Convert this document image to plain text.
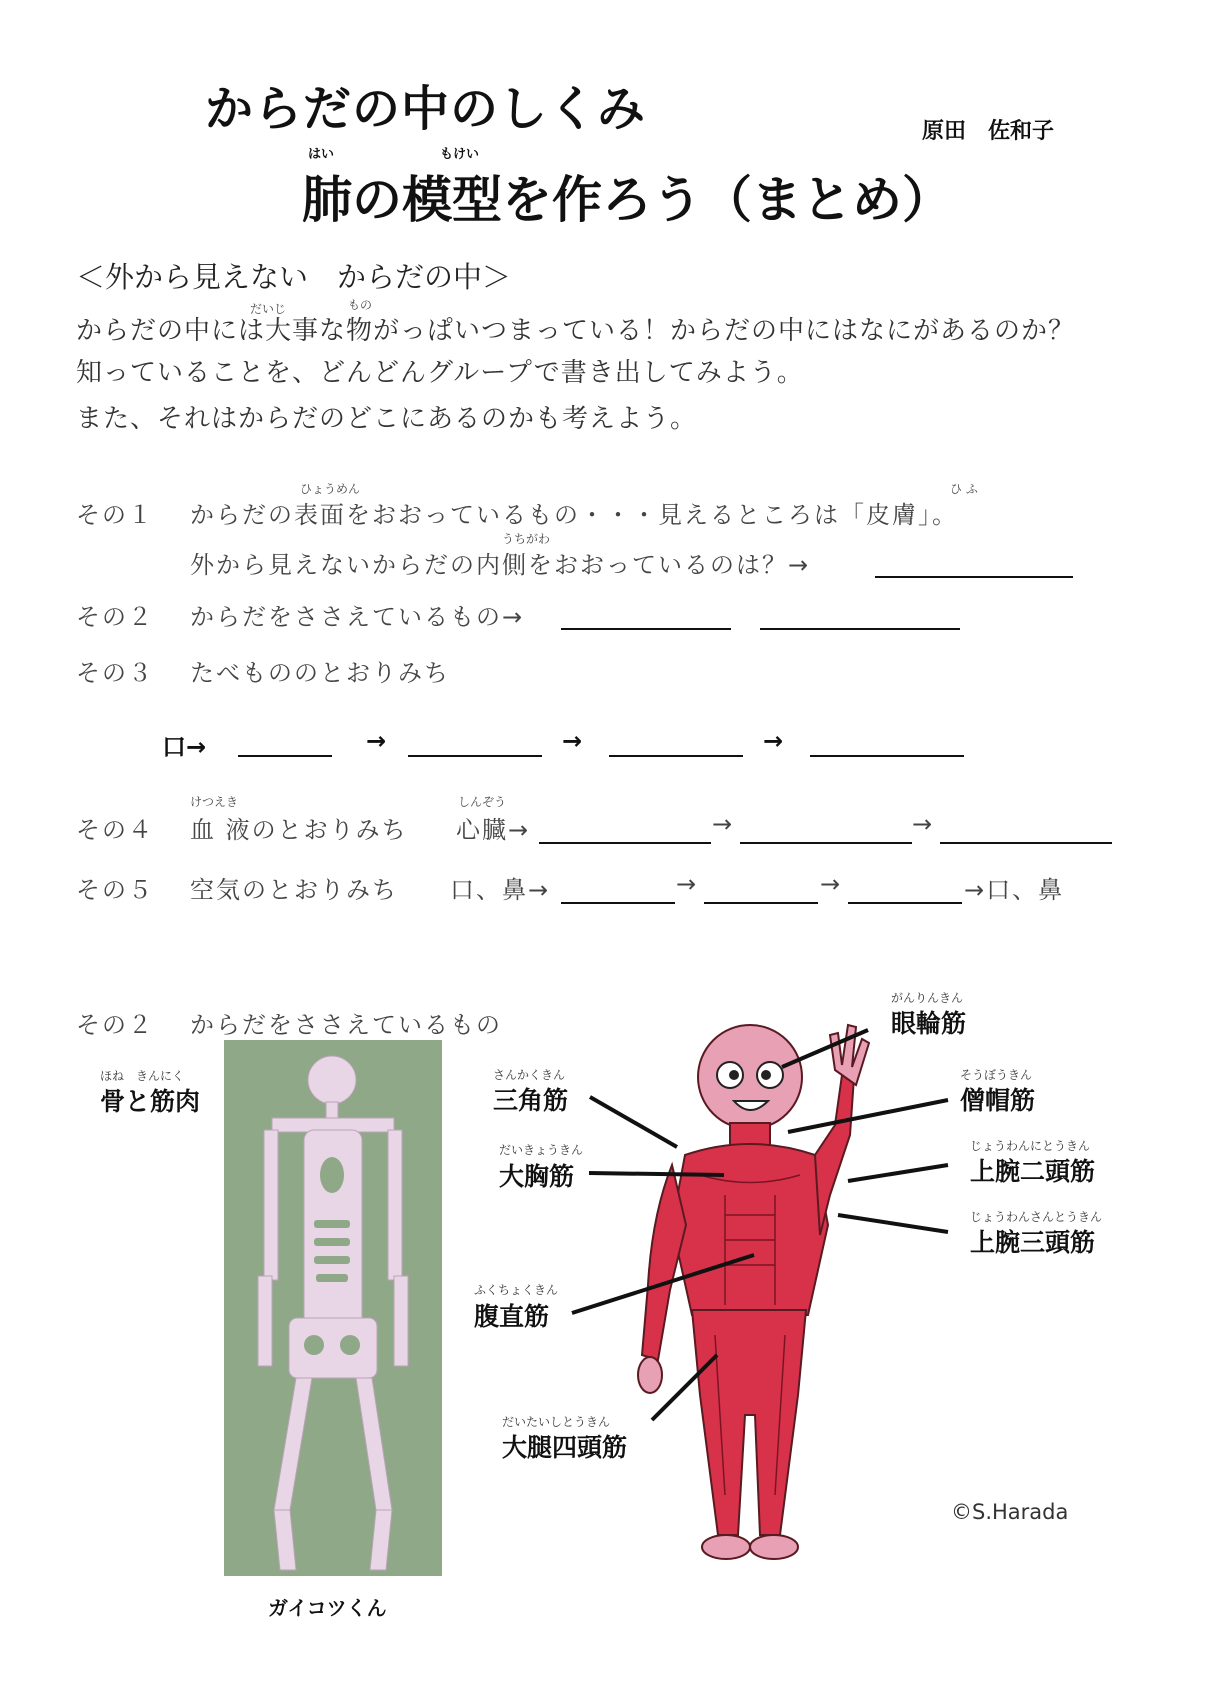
からだの中のしくみ
はい	もけい
肺の模型を作ろう（まとめ）
原田　佐和子
＜外から見えない　からだの中＞
だいじ	もの
からだの中には大事な物がっぱいつまっている！からだの中にはなにがあるのか？
知っていることを、どんどんグループで書き出してみよう。
また、それはからだのどこにあるのかも考えよう。
その１
ひょうめん	ひ ふ
からだの表面をおおっているもの・・・見えるところは「皮膚」。
うちがわ
外から見えないからだの内側をおおっているのは？→
その２ からだをささえているもの→
その３ たべもののとおりみち
口→	→	→	→
その４
けつえき
血 液のとおりみち
しんぞう
心臓→	→	→
その５ 空気のとおりみち 口、鼻→	→	→	→口、鼻
その２ からだをささえているもの
ほね　きんにく
骨と筋肉
ガイコツくん
がんりんきん
眼輪筋
さんかくきん
三角筋
そうぼうきん
僧帽筋
だいきょうきん
大胸筋
じょうわんにとうきん
上腕二頭筋
じょうわんさんとうきん
上腕三頭筋
ふくちょくきん
腹直筋
だいたいしとうきん
大腿四頭筋
©S.Harada
